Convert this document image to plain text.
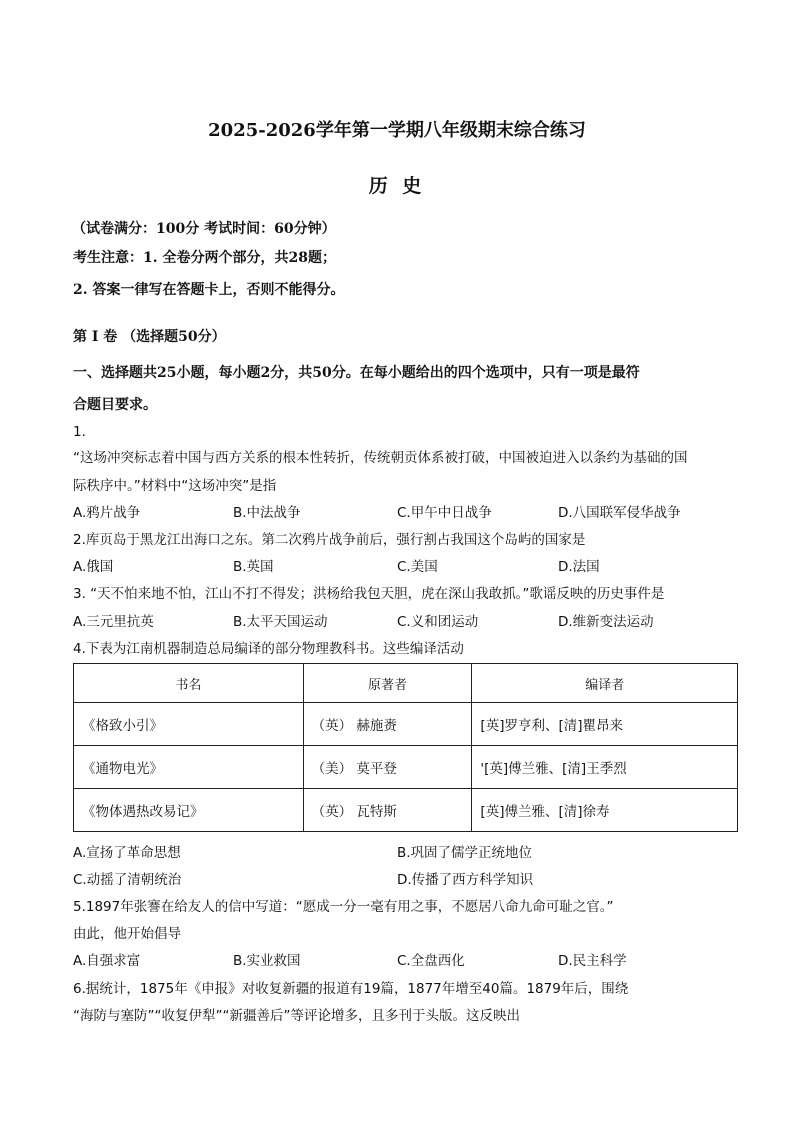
2025-2026学年第一学期八年级期末综合练习
历 史
（试卷满分：100分 考试时间：60分钟）
考生注意：1. 全卷分两个部分，共28题；
2. 答案一律写在答题卡上，否则不能得分。
第 I 卷 （选择题50分）
一、选择题共25小题，每小题2分，共50分。在每小题给出的四个选项中，只有一项是最符
合题目要求。
1.
“这场冲突标志着中国与西方关系的根本性转折，传统朝贡体系被打破，中国被迫进入以条约为基础的国
际秩序中。”材料中“这场冲突”是指
A.鸦片战争	B.中法战争	C.甲午中日战争	D.八国联军侵华战争
2.库页岛于黑龙江出海口之东。第二次鸦片战争前后，强行割占我国这个岛屿的国家是
A.俄国	B.英国	C.美国	D.法国
3. “天不怕来地不怕，江山不打不得发；洪杨给我包天胆，虎在深山我敢抓。”歌谣反映的历史事件是
A.三元里抗英	B.太平天国运动	C.义和团运动	D.维新变法运动
4.下表为江南机器制造总局编译的部分物理教科书。这些编译活动
书名	原著者	编译者
《格致小引》	（英） 赫施赉	[英]罗亨利、[清]瞿昂来
《通物电光》	（美） 莫平登	'[英]傅兰雅、[清]王季烈
《物体遇热改易记》	（英） 瓦特斯	[英]傅兰雅、[清]徐寿
A.宣扬了革命思想	B.巩固了儒学正统地位
C.动摇了清朝统治	D.传播了西方科学知识
5.1897年张謇在给友人的信中写道：“愿成一分一毫有用之事，不愿居八命九命可耻之官。”
由此，他开始倡导
A.自强求富	B.实业救国	C.全盘西化	D.民主科学
6.据统计，1875年《申报》对收复新疆的报道有19篇，1877年增至40篇。1879年后，围绕
“海防与塞防”“收复伊犁”“新疆善后”等评论增多，且多刊于头版。这反映出
